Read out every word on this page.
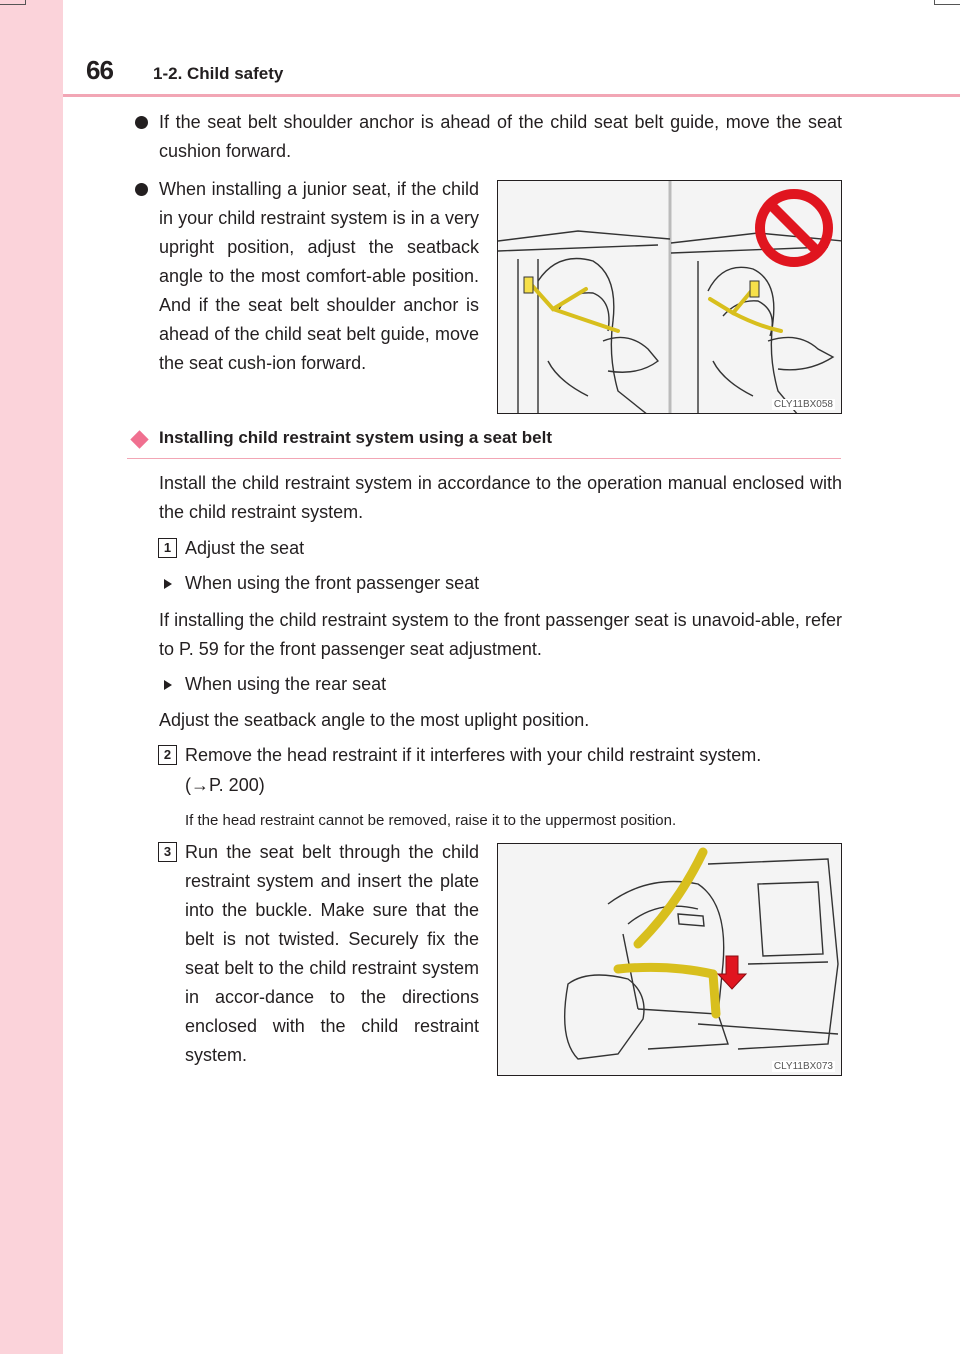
66 1-2. Child safety
If the seat belt shoulder anchor is ahead of the child seat belt guide, move the seat cushion forward.
When installing a junior seat, if the child in your child restraint system is in a very upright position, adjust the seatback angle to the most comfort-able position. And if the seat belt shoulder anchor is ahead of the child seat belt guide, move the seat cush-ion forward.
CLY11BX058
Installing child restraint system using a seat belt
Install the child restraint system in accordance to the operation manual enclosed with the child restraint system.
1 Adjust the seat
When using the front passenger seat
If installing the child restraint system to the front passenger seat is unavoid-able, refer to P. 59 for the front passenger seat adjustment.
When using the rear seat
Adjust the seatback angle to the most uplight position.
2 Remove the head restraint if it interferes with your child restraint system.
(→P. 200)
If the head restraint cannot be removed, raise it to the uppermost position.
3 Run the seat belt through the child restraint system and insert the plate into the buckle. Make sure that the belt is not twisted. Securely fix the seat belt to the child restraint system in accor-dance to the directions enclosed with the child restraint system.
CLY11BX073
